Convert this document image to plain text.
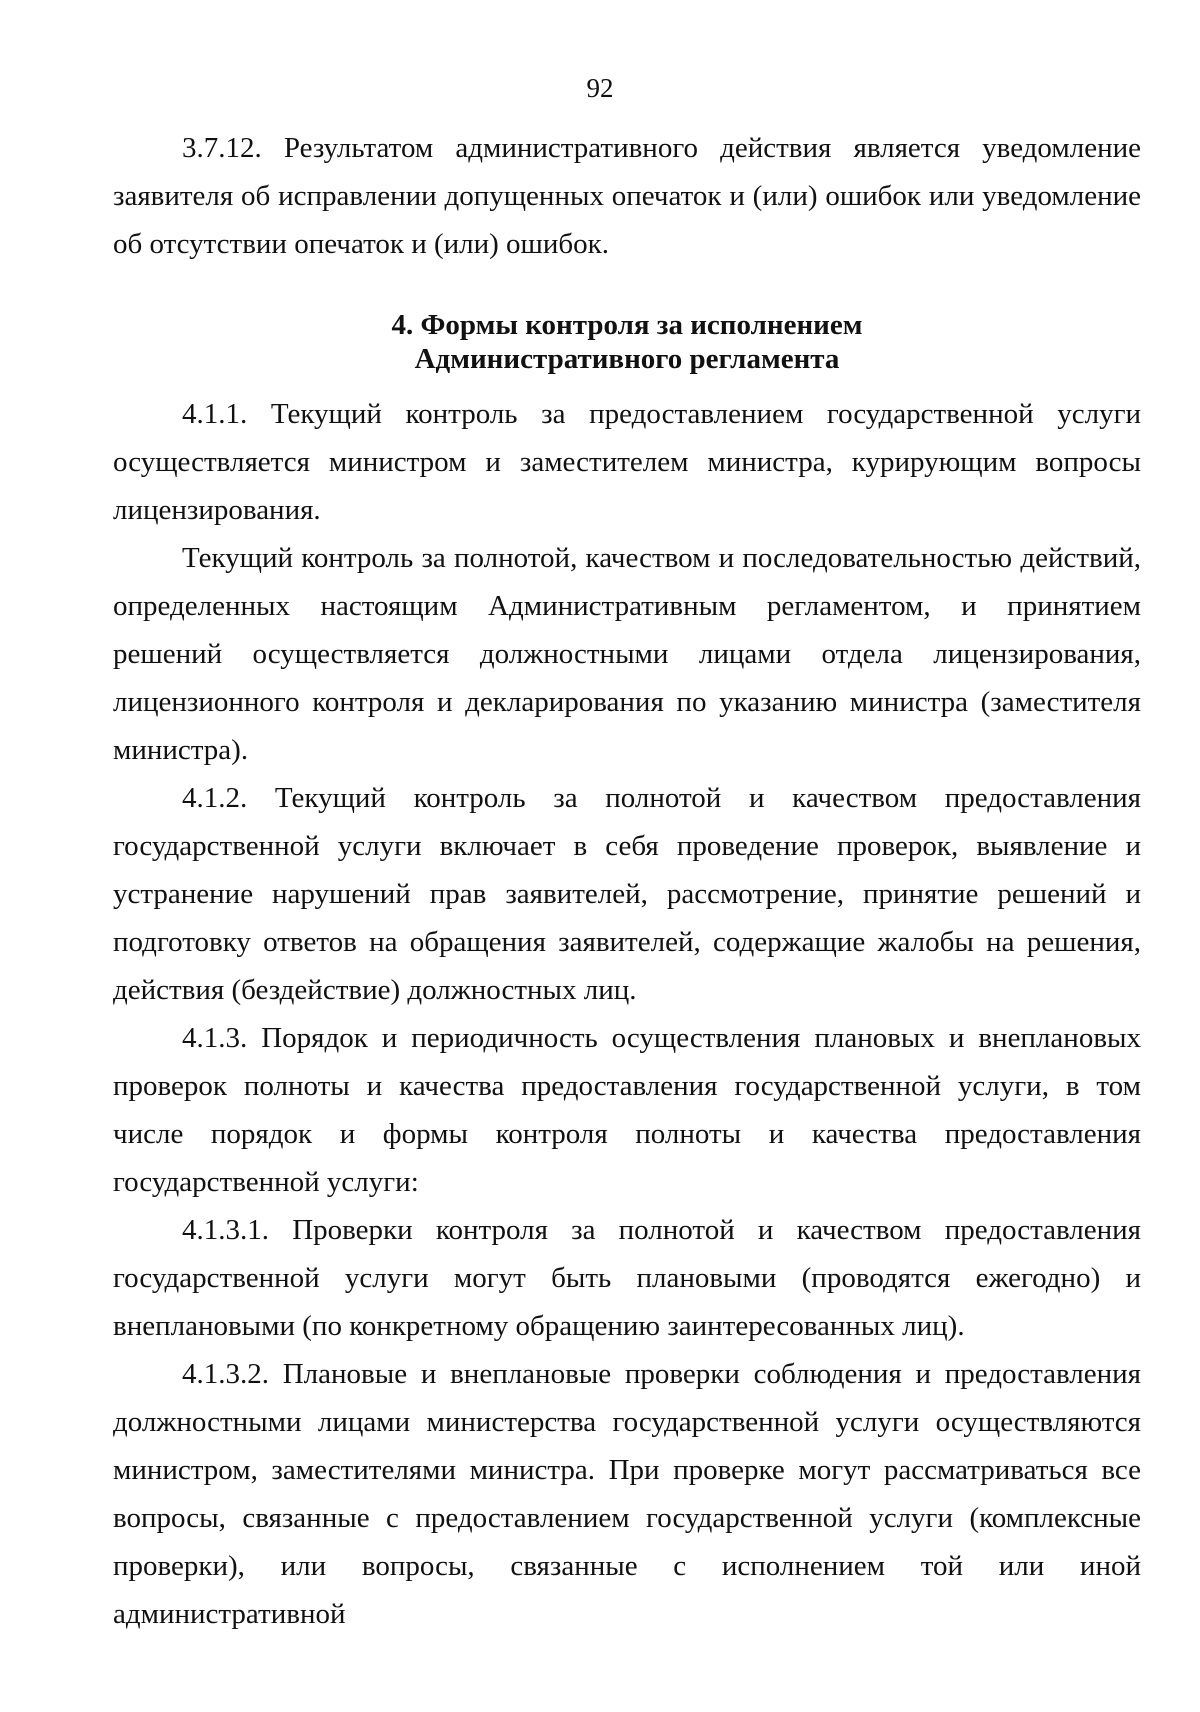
92

3.7.12. Результатом административного действия является уведомление заявителя об исправлении допущенных опечаток и (или) ошибок или уведомление об отсутствии опечаток и (или) ошибок.

4. Формы контроля за исполнением
Административного регламента

4.1.1. Текущий контроль за предоставлением государственной услуги осуществляется министром и заместителем министра, курирующим вопросы лицензирования.

Текущий контроль за полнотой, качеством и последовательностью действий, определенных настоящим Административным регламентом, и принятием решений осуществляется должностными лицами отдела лицензирования, лицензионного контроля и декларирования по указанию министра (заместителя министра).

4.1.2. Текущий контроль за полнотой и качеством предоставления государственной услуги включает в себя проведение проверок, выявление и устранение нарушений прав заявителей, рассмотрение, принятие решений и подготовку ответов на обращения заявителей, содержащие жалобы на решения, действия (бездействие) должностных лиц.

4.1.3. Порядок и периодичность осуществления плановых и внеплановых проверок полноты и качества предоставления государственной услуги, в том числе порядок и формы контроля полноты и качества предоставления государственной услуги:

4.1.3.1. Проверки контроля за полнотой и качеством предоставления государственной услуги могут быть плановыми (проводятся ежегодно) и внеплановыми (по конкретному обращению заинтересованных лиц).

4.1.3.2. Плановые и внеплановые проверки соблюдения и предоставления должностными лицами министерства государственной услуги осуществляются министром, заместителями министра. При проверке могут рассматриваться все вопросы, связанные с предоставлением государственной услуги (комплексные проверки), или вопросы, связанные с исполнением той или иной административной
